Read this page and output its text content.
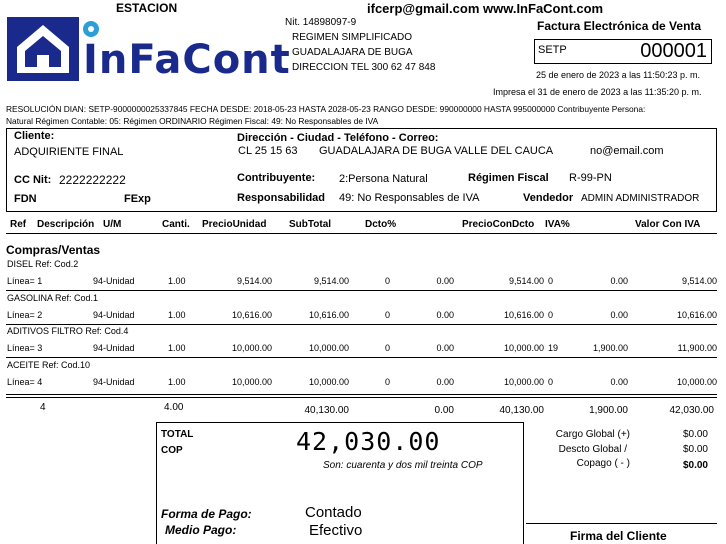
ESTACION	ifcerp@gmail.com www.InFaCont.com
InFaCont
Nit. 14898097-9
REGIMEN SIMPLIFICADO
GUADALAJARA DE BUGA
DIRECCION TEL 300 62 47 848
Factura Electrónica de Venta
SETP	000001
25 de enero de 2023 a las 11:50:23 p. m.
Impresa el 31 de enero de 2023 a las 11:35:20 p. m.
RESOLUCIÓN DIAN: SETP-9000000025337845 FECHA DESDE: 2018-05-23 HASTA 2028-05-23 RANGO DESDE: 990000000 HASTA 995000000 Contribuyente Persona:
Natural Régimen Contable: 05: Régimen ORDINARIO Régimen Fiscal: 49: No Responsables de IVA
Cliente:
ADQUIRIENTE FINAL
Dirección - Ciudad - Teléfono - Correo:
CL 25 15 63 GUADALAJARA DE BUGA VALLE DEL CAUCA	no@email.com
CC Nit: 2222222222	Contribuyente: 2:Persona Natural	Régimen Fiscal R-99-PN
FDN	FExp	Responsabilidad 49: No Responsables de IVA	Vendedor ADMIN ADMINISTRADOR
Ref Descripción U/M	Canti. PrecioUnidad SubTotal	Dcto%	PrecioConDcto IVA%	Valor Con IVA
Compras/Ventas
DISEL Ref: Cod.2
Línea= 1	94-Unidad	1.00	9,514.00	9,514.00	0	0.00	9,514.00 0	0.00	9,514.00
GASOLINA Ref: Cod.1
Línea= 2	94-Unidad	1.00	10,616.00	10,616.00	0	0.00	10,616.00 0	0.00	10,616.00
ADITIVOS FILTRO Ref: Cod.4
Línea= 3	94-Unidad	1.00	10,000.00	10,000.00	0	0.00	10,000.00 19	1,900.00	11,900.00
ACEITE Ref: Cod.10
Línea= 4	94-Unidad	1.00	10,000.00	10,000.00	0	0.00	10,000.00 0	0.00	10,000.00
4	4.00	40,130.00	0.00	40,130.00	1,900.00	42,030.00
TOTAL
COP	42,030.00
Son: cuarenta y dos mil treinta COP
Forma de Pago:	Contado
Medio Pago:	Efectivo
Cargo Global (+)	$0.00
Descto Global /	$0.00
Copago ( - )	$0.00
Firma del Cliente
